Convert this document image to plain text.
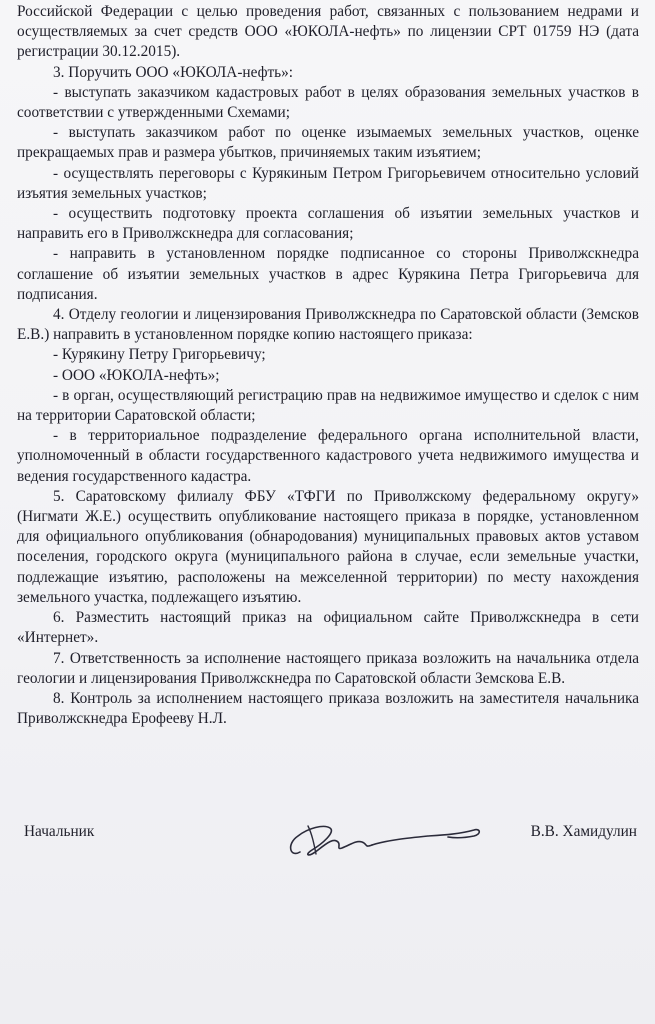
Российской Федерации с целью проведения работ, связанных с пользованием недрами и осуществляемых за счет средств ООО «ЮКОЛА-нефть» по лицензии СРТ 01759 НЭ (дата регистрации 30.12.2015).

3. Поручить ООО «ЮКОЛА-нефть»:

- выступать заказчиком кадастровых работ в целях образования земельных участков в соответствии с утвержденными Схемами;

- выступать заказчиком работ по оценке изымаемых земельных участков, оценке прекращаемых прав и размера убытков, причиняемых таким изъятием;

- осуществлять переговоры с Курякиным Петром Григорьевичем относительно условий изъятия земельных участков;

- осуществить подготовку проекта соглашения об изъятии земельных участков и направить его в Приволжскнедра для согласования;

- направить в установленном порядке подписанное со стороны Приволжскнедра соглашение об изъятии земельных участков в адрес Курякина Петра Григорьевича для подписания.

4. Отделу геологии и лицензирования Приволжскнедра по Саратовской области (Земсков Е.В.) направить в установленном порядке копию настоящего приказа:

- Курякину Петру Григорьевичу;

- ООО «ЮКОЛА-нефть»;

- в орган, осуществляющий регистрацию прав на недвижимое имущество и сделок с ним на территории Саратовской области;

- в территориальное подразделение федерального органа исполнительной власти, уполномоченный в области государственного кадастрового учета недвижимого имущества и ведения государственного кадастра.

5. Саратовскому филиалу ФБУ «ТФГИ по Приволжскому федеральному округу» (Нигмати Ж.Е.) осуществить опубликование настоящего приказа в порядке, установленном для официального опубликования (обнародования) муниципальных правовых актов уставом поселения, городского округа (муниципального района в случае, если земельные участки, подлежащие изъятию, расположены на межселенной территории) по месту нахождения земельного участка, подлежащего изъятию.

6. Разместить настоящий приказ на официальном сайте Приволжскнедра в сети «Интернет».

7. Ответственность за исполнение настоящего приказа возложить на начальника отдела геологии и лицензирования Приволжскнедра по Саратовской области Земскова Е.В.

8. Контроль за исполнением настоящего приказа возложить на заместителя начальника Приволжскнедра Ерофееву Н.Л.

Начальник	В.В. Хамидулин
